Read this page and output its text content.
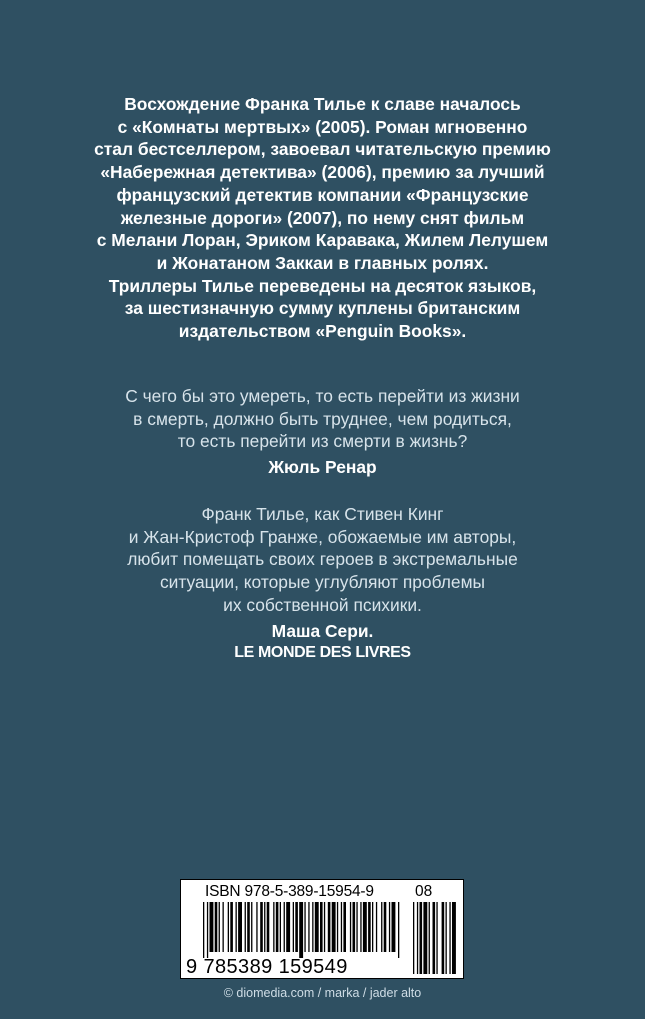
Восхождение Франка Тилье к славе началось
с «Комнаты мертвых» (2005). Роман мгновенно
стал бестселлером, завоевал читательскую премию
«Набережная детектива» (2006), премию за лучший
французский детектив компании «Французские
железные дороги» (2007), по нему снят фильм
с Мелани Лоран, Эриком Каравака, Жилем Лелушем
и Жонатаном Заккаи в главных ролях.
Триллеры Тилье переведены на десяток языков,
за шестизначную сумму куплены британским
издательством «Penguin Books».
С чего бы это умереть, то есть перейти из жизни
в смерть, должно быть труднее, чем родиться,
то есть перейти из смерти в жизнь?
Жюль Ренар
Франк Тилье, как Стивен Кинг
и Жан-Кристоф Гранже, обожаемые им авторы,
любит помещать своих героев в экстремальные
ситуации, которые углубляют проблемы
их собственной психики.
Маша Сери.
LE MONDE DES LIVRES
ISBN 978-5-389-15954-9	08
9 785389 159549
© diomedia.com / marka / jader alto
